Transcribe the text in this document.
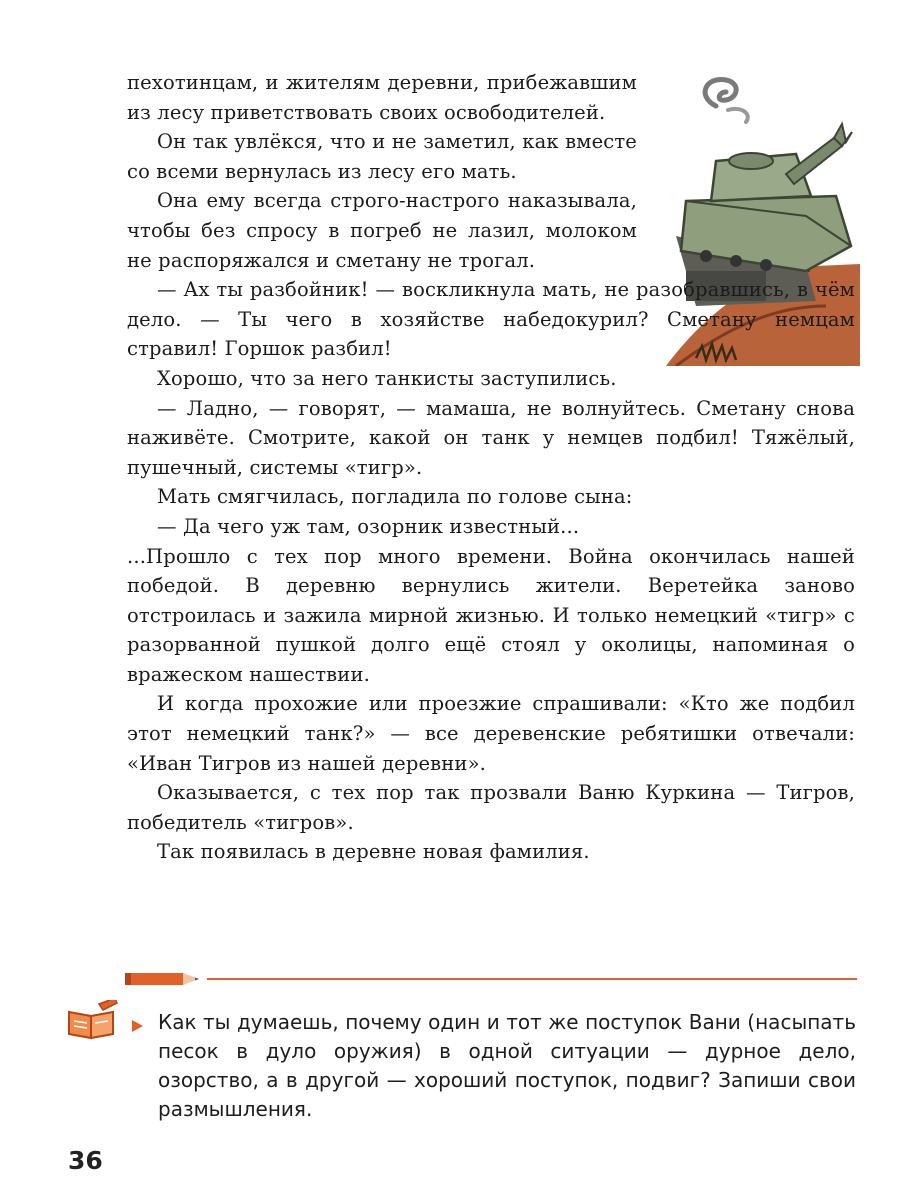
пехотинцам, и жителям деревни, прибежавшим из лесу приветствовать своих освободителей.

Он так увлёкся, что и не заметил, как вместе со всеми вернулась из лесу его мать.

Она ему всегда строго-настрого наказывала, чтобы без спросу в погреб не лазил, молоком не распоряжался и сметану не трогал.

— Ах ты разбойник! — воскликнула мать, не разобравшись, в чём дело. — Ты чего в хозяйстве набедокурил? Сметану немцам стравил! Горшок разбил!

Хорошо, что за него танкисты заступились.

— Ладно, — говорят, — мамаша, не волнуйтесь. Сметану снова наживёте. Смотрите, какой он танк у немцев подбил! Тяжёлый, пушечный, системы «тигр».

Мать смягчилась, погладила по голове сына:

— Да чего уж там, озорник известный...

...Прошло с тех пор много времени. Война окончилась нашей победой. В деревню вернулись жители. Веретейка заново отстроилась и зажила мирной жизнью. И только немецкий «тигр» с разорванной пушкой долго ещё стоял у околицы, напоминая о вражеском нашествии.

И когда прохожие или проезжие спрашивали: «Кто же подбил этот немецкий танк?» — все деревенские ребятишки отвечали: «Иван Тигров из нашей деревни».

Оказывается, с тех пор так прозвали Ваню Куркина — Тигров, победитель «тигров».

Так появилась в деревне новая фамилия.

Как ты думаешь, почему один и тот же поступок Вани (насыпать песок в дуло оружия) в одной ситуации — дурное дело, озорство, а в другой — хороший поступок, подвиг? Запиши свои размышления.
36
